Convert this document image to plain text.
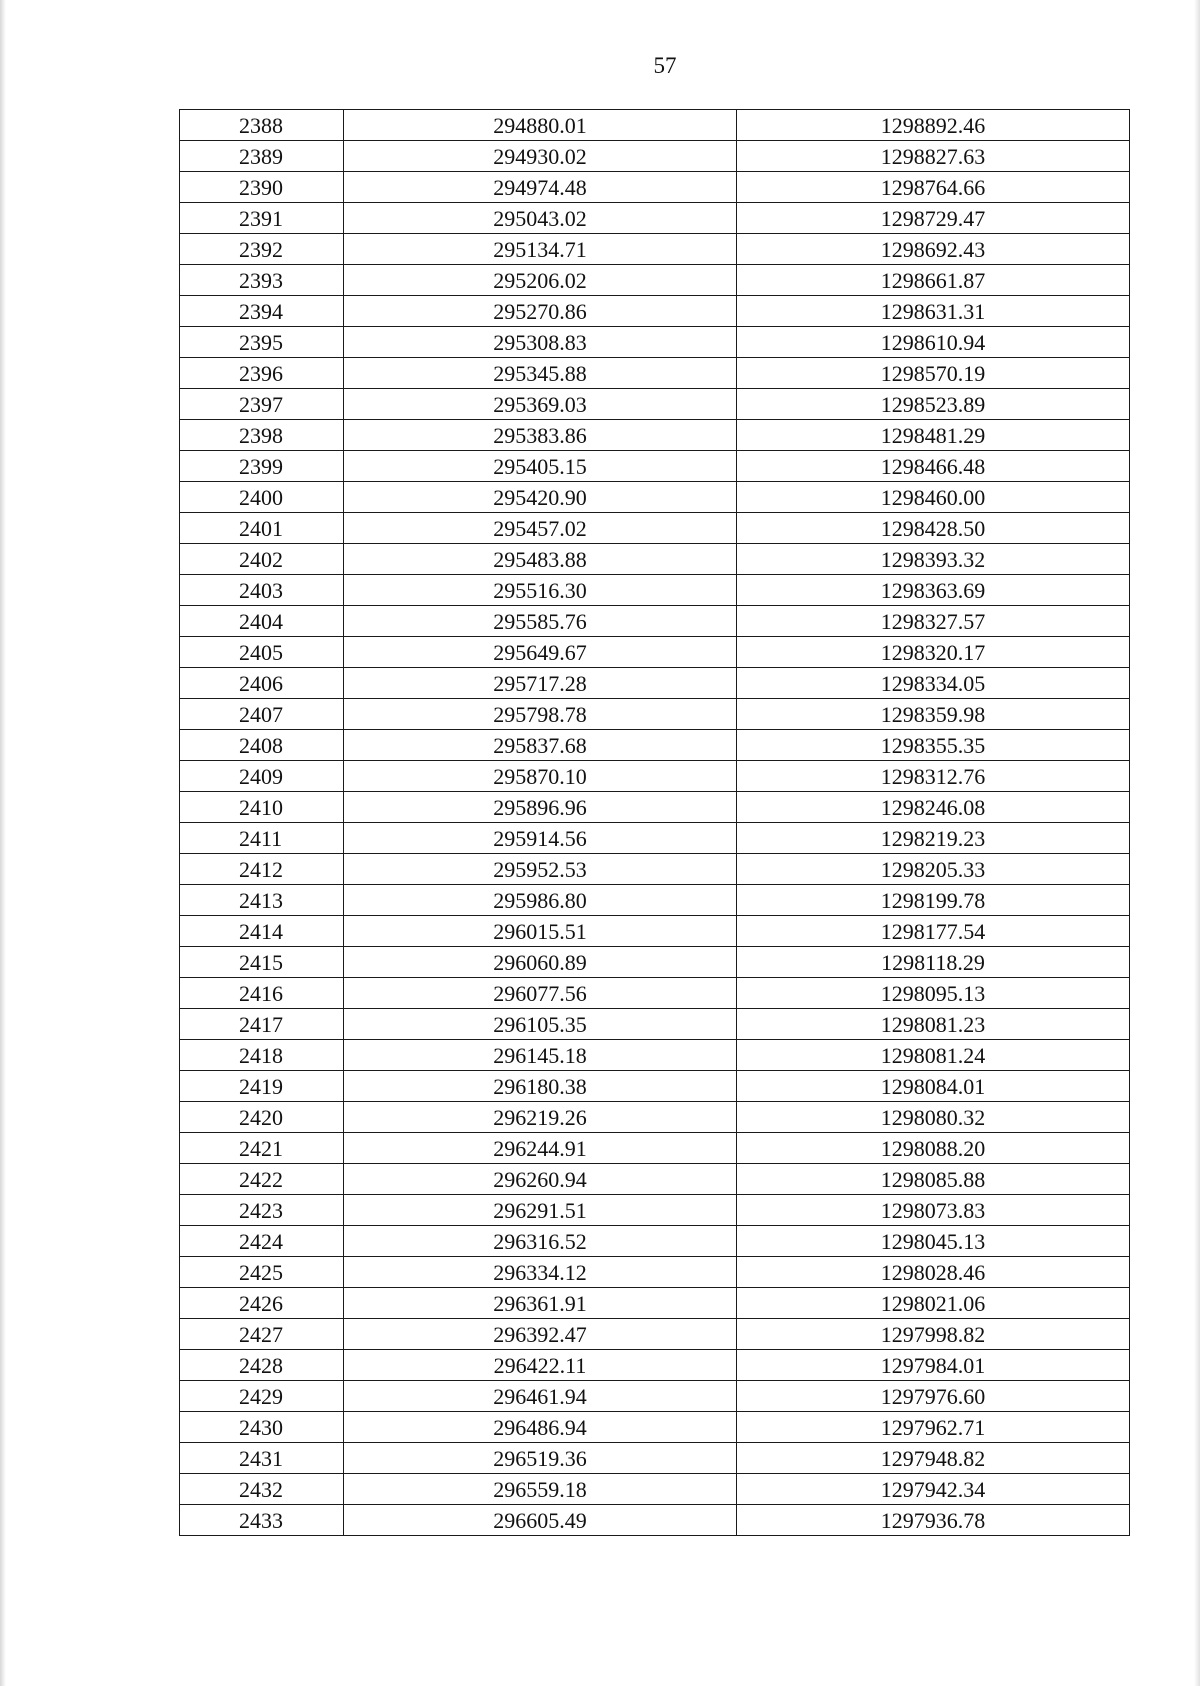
57
2388	294880.01	1298892.46
2389	294930.02	1298827.63
2390	294974.48	1298764.66
2391	295043.02	1298729.47
2392	295134.71	1298692.43
2393	295206.02	1298661.87
2394	295270.86	1298631.31
2395	295308.83	1298610.94
2396	295345.88	1298570.19
2397	295369.03	1298523.89
2398	295383.86	1298481.29
2399	295405.15	1298466.48
2400	295420.90	1298460.00
2401	295457.02	1298428.50
2402	295483.88	1298393.32
2403	295516.30	1298363.69
2404	295585.76	1298327.57
2405	295649.67	1298320.17
2406	295717.28	1298334.05
2407	295798.78	1298359.98
2408	295837.68	1298355.35
2409	295870.10	1298312.76
2410	295896.96	1298246.08
2411	295914.56	1298219.23
2412	295952.53	1298205.33
2413	295986.80	1298199.78
2414	296015.51	1298177.54
2415	296060.89	1298118.29
2416	296077.56	1298095.13
2417	296105.35	1298081.23
2418	296145.18	1298081.24
2419	296180.38	1298084.01
2420	296219.26	1298080.32
2421	296244.91	1298088.20
2422	296260.94	1298085.88
2423	296291.51	1298073.83
2424	296316.52	1298045.13
2425	296334.12	1298028.46
2426	296361.91	1298021.06
2427	296392.47	1297998.82
2428	296422.11	1297984.01
2429	296461.94	1297976.60
2430	296486.94	1297962.71
2431	296519.36	1297948.82
2432	296559.18	1297942.34
2433	296605.49	1297936.78
